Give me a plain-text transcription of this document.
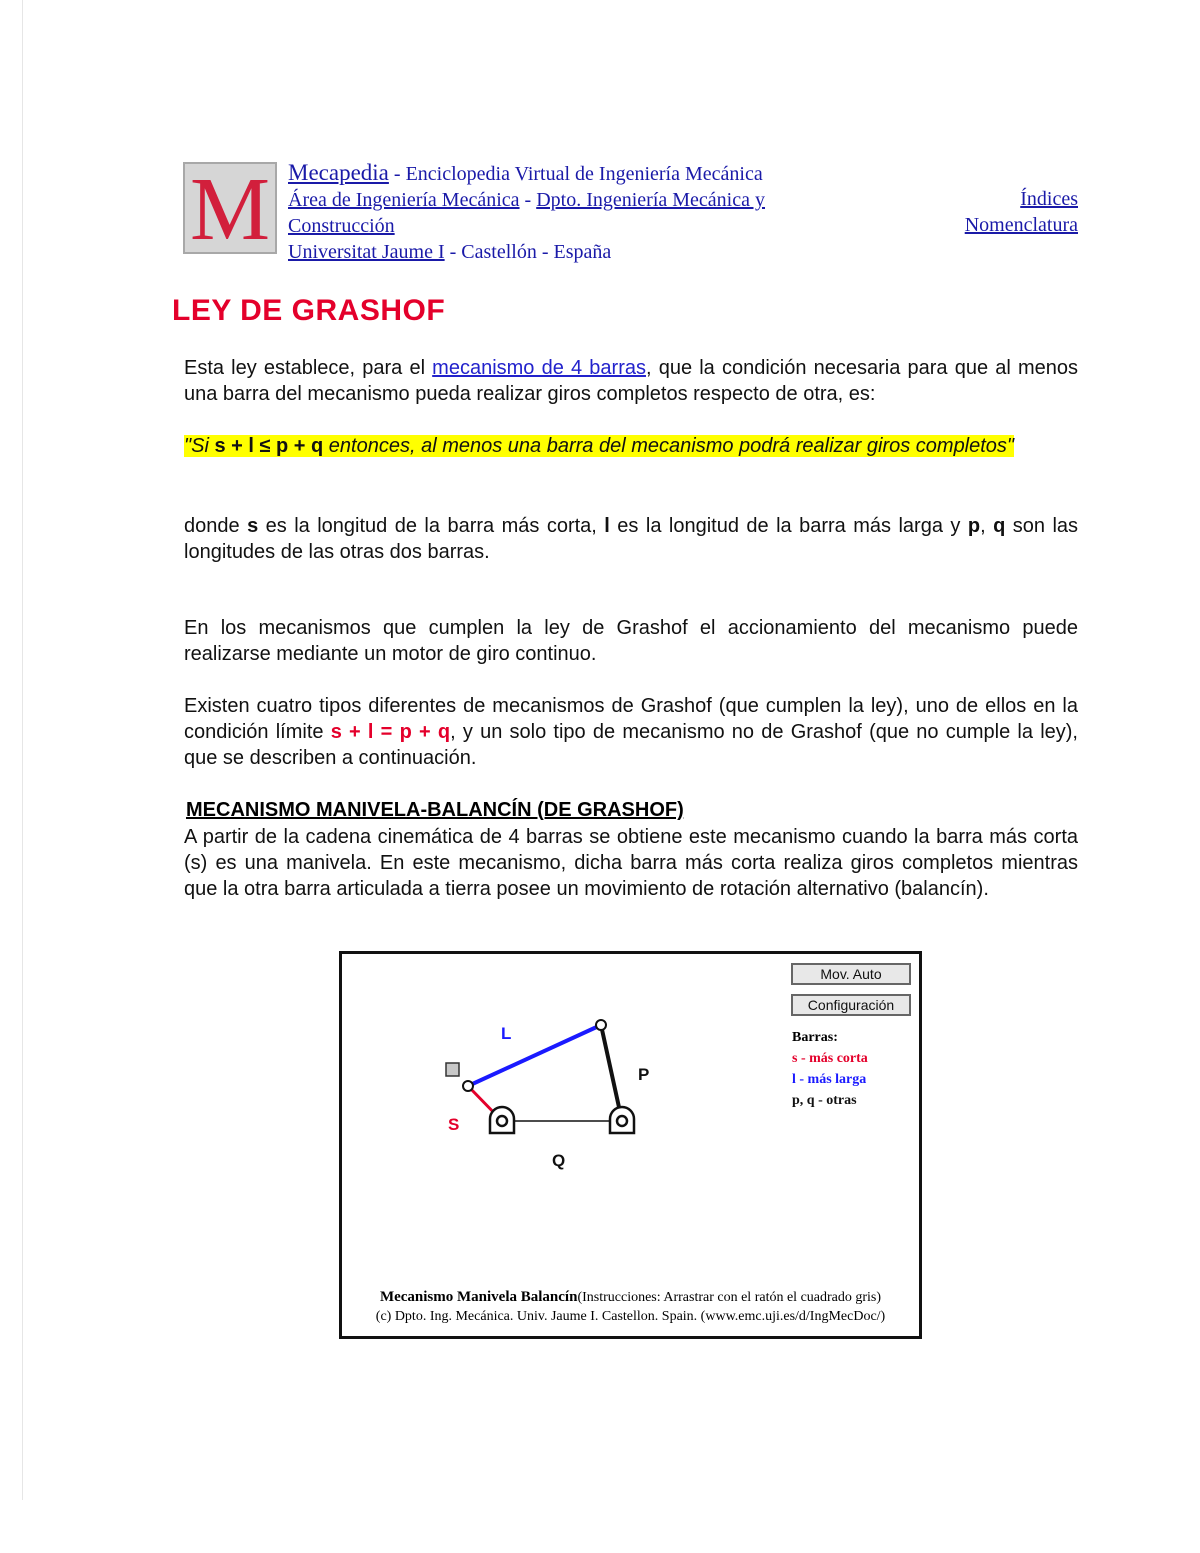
M Mecapedia - Enciclopedia Virtual de Ingeniería Mecánica
Área de Ingeniería Mecánica - Dpto. Ingeniería Mecánica y Construcción
Universitat Jaume I - Castellón - España
Índices
Nomenclatura
LEY DE GRASHOF

Esta ley establece, para el mecanismo de 4 barras, que la condición necesaria para que al menos una barra del mecanismo pueda realizar giros completos respecto de otra, es:

"Si s + l ≤ p + q entonces, al menos una barra del mecanismo podrá realizar giros completos"

donde s es la longitud de la barra más corta, l es la longitud de la barra más larga y p, q son las longitudes de las otras dos barras.

En los mecanismos que cumplen la ley de Grashof el accionamiento del mecanismo puede realizarse mediante un motor de giro continuo.

Existen cuatro tipos diferentes de mecanismos de Grashof (que cumplen la ley), uno de ellos en la condición límite s + l = p + q, y un solo tipo de mecanismo no de Grashof (que no cumple la ley), que se describen a continuación.

MECANISMO MANIVELA-BALANCÍN (DE GRASHOF)

A partir de la cadena cinemática de 4 barras se obtiene este mecanismo cuando la barra más corta (s) es una manivela. En este mecanismo, dicha barra más corta realiza giros completos mientras que la otra barra articulada a tierra posee un movimiento de rotación alternativo (balancín).

L
P
S
Q
Mov. Auto
Configuración
Barras:
s - más corta
l - más larga
p, q - otras
Mecanismo Manivela Balancín(Instrucciones: Arrastrar con el ratón el cuadrado gris)
(c) Dpto. Ing. Mecánica. Univ. Jaume I. Castellon. Spain. (www.emc.uji.es/d/IngMecDoc/)
